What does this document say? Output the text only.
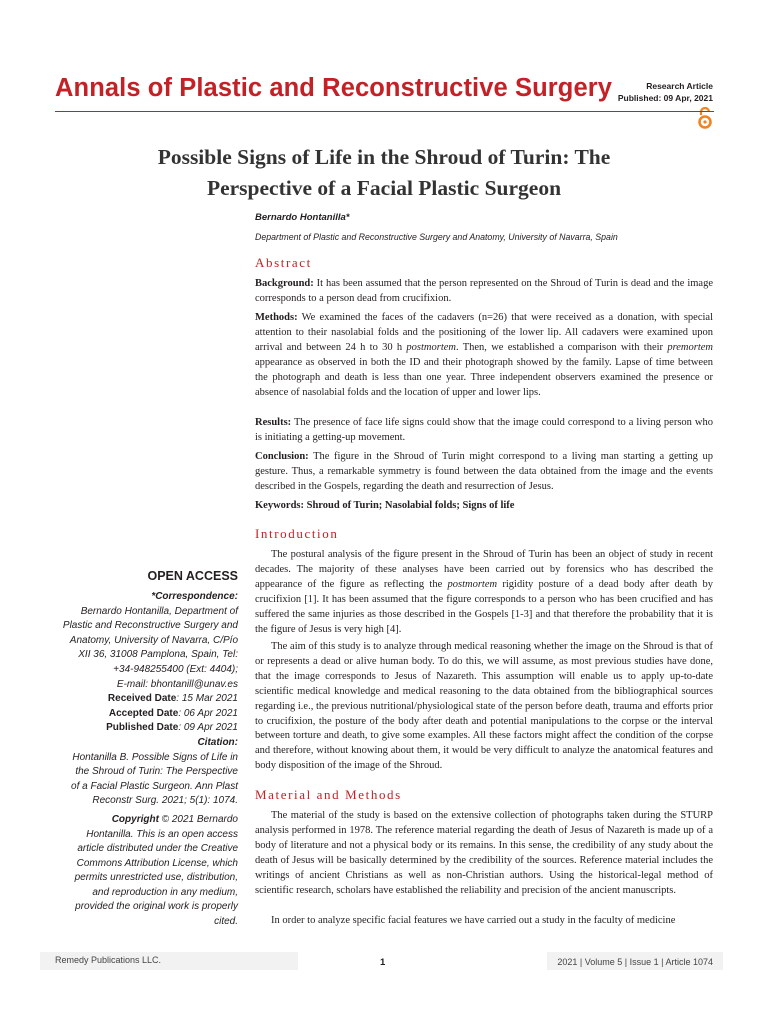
Annals of Plastic and Reconstructive Surgery	Research Article
Published: 09 Apr, 2021
Possible Signs of Life in the Shroud of Turin: The
Perspective of a Facial Plastic Surgeon
Bernardo Hontanilla*
Department of Plastic and Reconstructive Surgery and Anatomy, University of Navarra, Spain
Abstract

Background: It has been assumed that the person represented on the Shroud of Turin is dead and the image corresponds to a person dead from crucifixion.

Methods: We examined the faces of the cadavers (n=26) that were received as a donation, with special attention to their nasolabial folds and the positioning of the lower lip. All cadavers were examined upon arrival and between 24 h to 30 h postmortem. Then, we established a comparison with their premortem appearance as observed in both the ID and their photograph showed by the family. Lapse of time between the photograph and death is less than one year. Three independent observers examined the presence or absence of nasolabial folds and the location of upper and lower lips.

Results: The presence of face life signs could show that the image could correspond to a living person who is initiating a getting-up movement.

Conclusion: The figure in the Shroud of Turin might correspond to a living man starting a getting up gesture. Thus, a remarkable symmetry is found between the data obtained from the image and the events described in the Gospels, regarding the death and resurrection of Jesus.

Keywords: Shroud of Turin; Nasolabial folds; Signs of life

Introduction

The postural analysis of the figure present in the Shroud of Turin has been an object of study in recent decades. The majority of these analyses have been carried out by forensics who has described the appearance of the figure as reflecting the postmortem rigidity posture of a dead body after death by crucifixion [1]. It has been assumed that the figure corresponds to a person who has been crucified and has suffered the same injuries as those described in the Gospels [1-3] and that therefore the probability that it is the figure of Jesus is very high [4].

The aim of this study is to analyze through medical reasoning whether the image on the Shroud is that of or represents a dead or alive human body. To do this, we will assume, as most previous studies have done, that the image corresponds to Jesus of Nazareth. This assumption will enable us to apply up-to-date scientific medical knowledge and medical reasoning to the data obtained from the bibliographical sources regarding i.e., the previous nutritional/physiological state of the person before death, trauma and efforts prior to crucifixion, the posture of the body after death and potential manipulations to the corpse or the interval between torture and death, to give some examples. All these factors might affect the condition of the corpse and therefore, without knowing about them, it would be very difficult to analyze the anatomical features and body disposition of the image of the Shroud.

Material and Methods

The material of the study is based on the extensive collection of photographs taken during the STURP analysis performed in 1978. The reference material regarding the death of Jesus of Nazareth is made up of a body of literature and not a physical body or its remains. In this sense, the credibility of any study about the death of Jesus will be basically determined by the credibility of the sources. Reference material includes the writings of ancient Christians as well as non-Christian authors. Using the historical-legal method of scientific research, scholars have established the reliability and precision of the ancient manuscripts.

In order to analyze specific facial features we have carried out a study in the faculty of medicine

OPEN ACCESS
*Correspondence:
Bernardo Hontanilla, Department of
Plastic and Reconstructive Surgery and
Anatomy, University of Navarra, C/Pío
XII 36, 31008 Pamplona, Spain, Tel:
+34-948255400 (Ext: 4404);
E-mail: bhontanill@unav.es
Received Date: 15 Mar 2021
Accepted Date: 06 Apr 2021
Published Date: 09 Apr 2021
Citation:
Hontanilla B. Possible Signs of Life in
the Shroud of Turin: The Perspective
of a Facial Plastic Surgeon. Ann Plast
Reconstr Surg. 2021; 5(1): 1074.
Copyright © 2021 Bernardo
Hontanilla. This is an open access
article distributed under the Creative
Commons Attribution License, which
permits unrestricted use, distribution,
and reproduction in any medium,
provided the original work is properly
cited.
Remedy Publications LLC.	1	2021 | Volume 5 | Issue 1 | Article 1074
